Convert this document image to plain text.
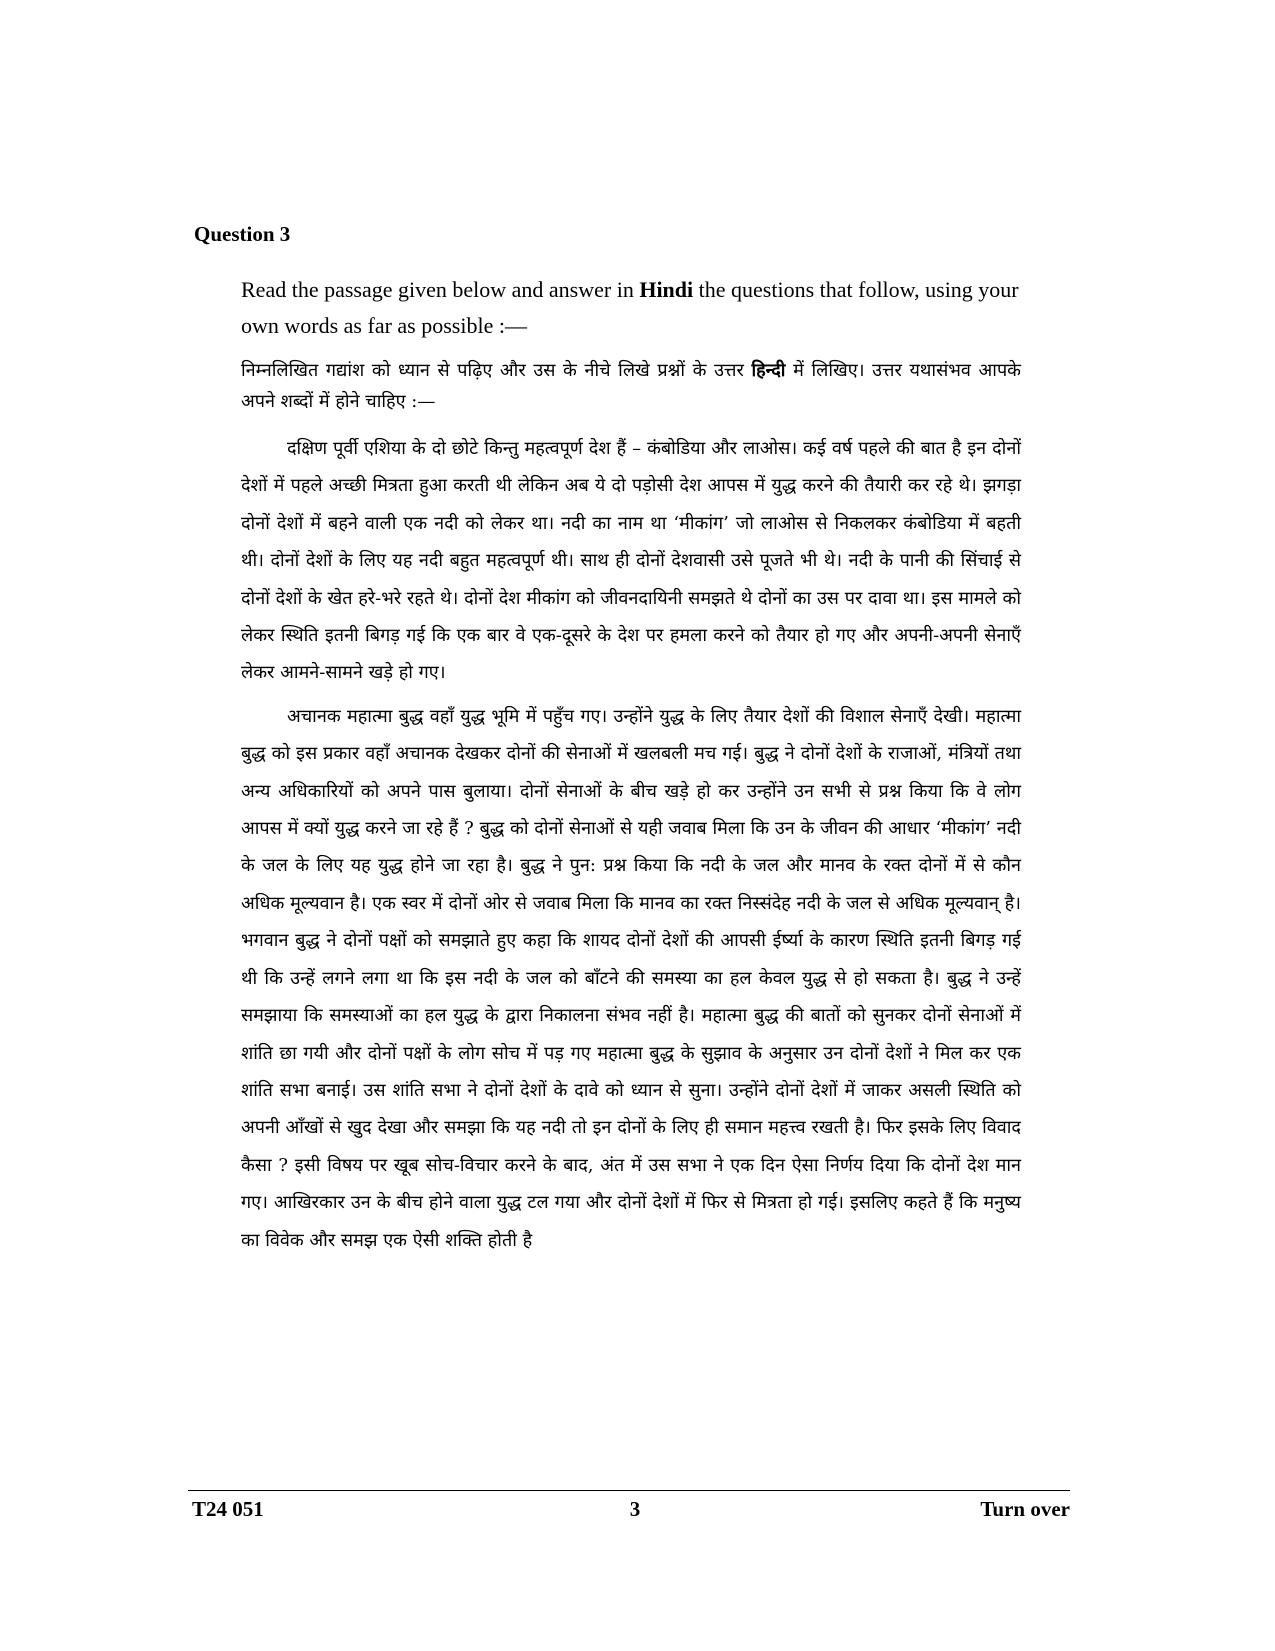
Question 3
Read the passage given below and answer in Hindi the questions that follow, using your own words as far as possible :—
निम्नलिखित गद्यांश को ध्यान से पढ़िए और उस के नीचे लिखे प्रश्नों के उत्तर हिन्दी में लिखिए। उत्तर यथासंभव आपके अपने शब्दों में होने चाहिए :—

दक्षिण पूर्वी एशिया के दो छोटे किन्तु महत्वपूर्ण देश हैं – कंबोडिया और लाओस। कई वर्ष पहले की बात है इन दोनों देशों में पहले अच्छी मित्रता हुआ करती थी लेकिन अब ये दो पड़ोसी देश आपस में युद्ध करने की तैयारी कर रहे थे। झगड़ा दोनों देशों में बहने वाली एक नदी को लेकर था। नदी का नाम था ‘मीकांग’ जो लाओस से निकलकर कंबोडिया में बहती थी। दोनों देशों के लिए यह नदी बहुत महत्वपूर्ण थी। साथ ही दोनों देशवासी उसे पूजते भी थे। नदी के पानी की सिंचाई से दोनों देशों के खेत हरे-भरे रहते थे। दोनों देश मीकांग को जीवनदायिनी समझते थे दोनों का उस पर दावा था। इस मामले को लेकर स्थिति इतनी बिगड़ गई कि एक बार वे एक-दूसरे के देश पर हमला करने को तैयार हो गए और अपनी-अपनी सेनाएँ लेकर आमने-सामने खड़े हो गए।

अचानक महात्मा बुद्ध वहाँ युद्ध भूमि में पहुँच गए। उन्होंने युद्ध के लिए तैयार देशों की विशाल सेनाएँ देखी। महात्मा बुद्ध को इस प्रकार वहाँ अचानक देखकर दोनों की सेनाओं में खलबली मच गई। बुद्ध ने दोनों देशों के राजाओं, मंत्रियों तथा अन्य अधिकारियों को अपने पास बुलाया। दोनों सेनाओं के बीच खड़े हो कर उन्होंने उन सभी से प्रश्न किया कि वे लोग आपस में क्यों युद्ध करने जा रहे हैं ? बुद्ध को दोनों सेनाओं से यही जवाब मिला कि उन के जीवन की आधार ‘मीकांग’ नदी के जल के लिए यह युद्ध होने जा रहा है। बुद्ध ने पुन: प्रश्न किया कि नदी के जल और मानव के रक्त दोनों में से कौन अधिक मूल्यवान है। एक स्वर में दोनों ओर से जवाब मिला कि मानव का रक्त निस्संदेह नदी के जल से अधिक मूल्यवान् है। भगवान बुद्ध ने दोनों पक्षों को समझाते हुए कहा कि शायद दोनों देशों की आपसी ईर्ष्या के कारण स्थिति इतनी बिगड़ गई थी कि उन्हें लगने लगा था कि इस नदी के जल को बाँटने की समस्या का हल केवल युद्ध से हो सकता है। बुद्ध ने उन्हें समझाया कि समस्याओं का हल युद्ध के द्वारा निकालना संभव नहीं है। महात्मा बुद्ध की बातों को सुनकर दोनों सेनाओं में शांति छा गयी और दोनों पक्षों के लोग सोच में पड़ गए महात्मा बुद्ध के सुझाव के अनुसार उन दोनों देशों ने मिल कर एक शांति सभा बनाई। उस शांति सभा ने दोनों देशों के दावे को ध्यान से सुना। उन्होंने दोनों देशों में जाकर असली स्थिति को अपनी आँखों से खुद देखा और समझा कि यह नदी तो इन दोनों के लिए ही समान महत्त्व रखती है। फिर इसके लिए विवाद कैसा ? इसी विषय पर खूब सोच-विचार करने के बाद, अंत में उस सभा ने एक दिन ऐसा निर्णय दिया कि दोनों देश मान गए। आखिरकार उन के बीच होने वाला युद्ध टल गया और दोनों देशों में फिर से मित्रता हो गई। इसलिए कहते हैं कि मनुष्य का विवेक और समझ एक ऐसी शक्ति होती है

T24 051	3	Turn over
